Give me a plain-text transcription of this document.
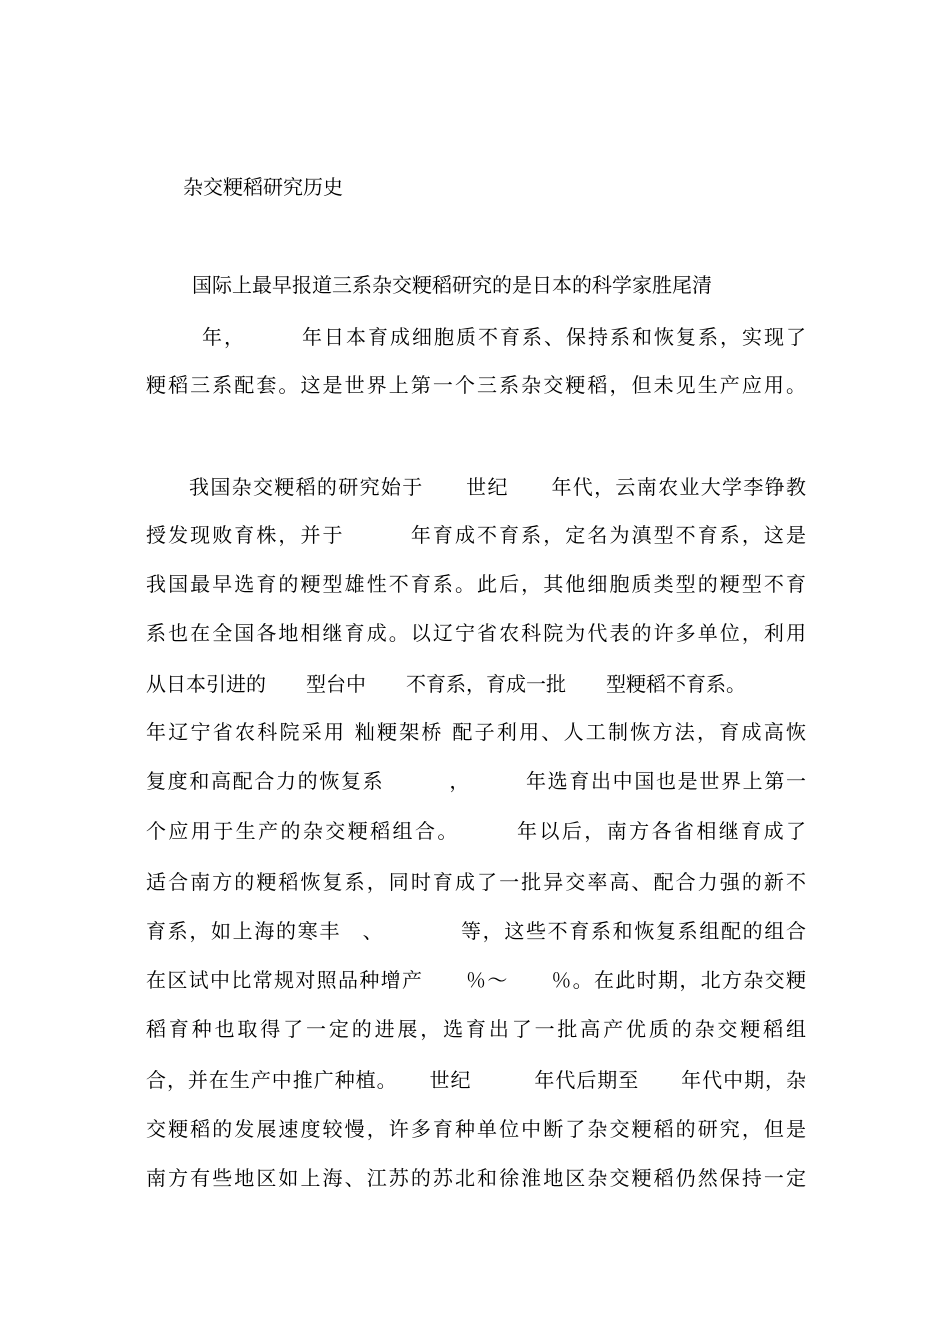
杂交粳稻研究历史
国际上最早报道三系杂交粳稻研究的是日本的科学家胜尾清
年，　　　年日本育成细胞质不育系、保持系和恢复系，实现了
粳稻三系配套。这是世界上第一个三系杂交粳稻，但未见生产应用。
我国杂交粳稻的研究始于　　世纪　　年代，云南农业大学李铮教
授发现败育株，并于　　　年育成不育系，定名为滇型不育系，这是
我国最早选育的粳型雄性不育系。此后，其他细胞质类型的粳型不育
系也在全国各地相继育成。以辽宁省农科院为代表的许多单位，利用
从日本引进的　　型台中　　不育系，育成一批　　型粳稻不育系。
年辽宁省农科院采用 籼粳架桥 配子利用、人工制恢方法，育成高恢
复度和高配合力的恢复系　　　，　　　年选育出中国也是世界上第一
个应用于生产的杂交粳稻组合。　　　年以后，南方各省相继育成了
适合南方的粳稻恢复系，同时育成了一批异交率高、配合力强的新不
育系，如上海的寒丰　、　　　　等，这些不育系和恢复系组配的组合
在区试中比常规对照品种增产　　％～　　％。在此时期，北方杂交粳
稻育种也取得了一定的进展，选育出了一批高产优质的杂交粳稻组
合，并在生产中推广种植。　　世纪　　　年代后期至　　年代中期，杂
交粳稻的发展速度较慢，许多育种单位中断了杂交粳稻的研究，但是
南方有些地区如上海、江苏的苏北和徐淮地区杂交粳稻仍然保持一定
